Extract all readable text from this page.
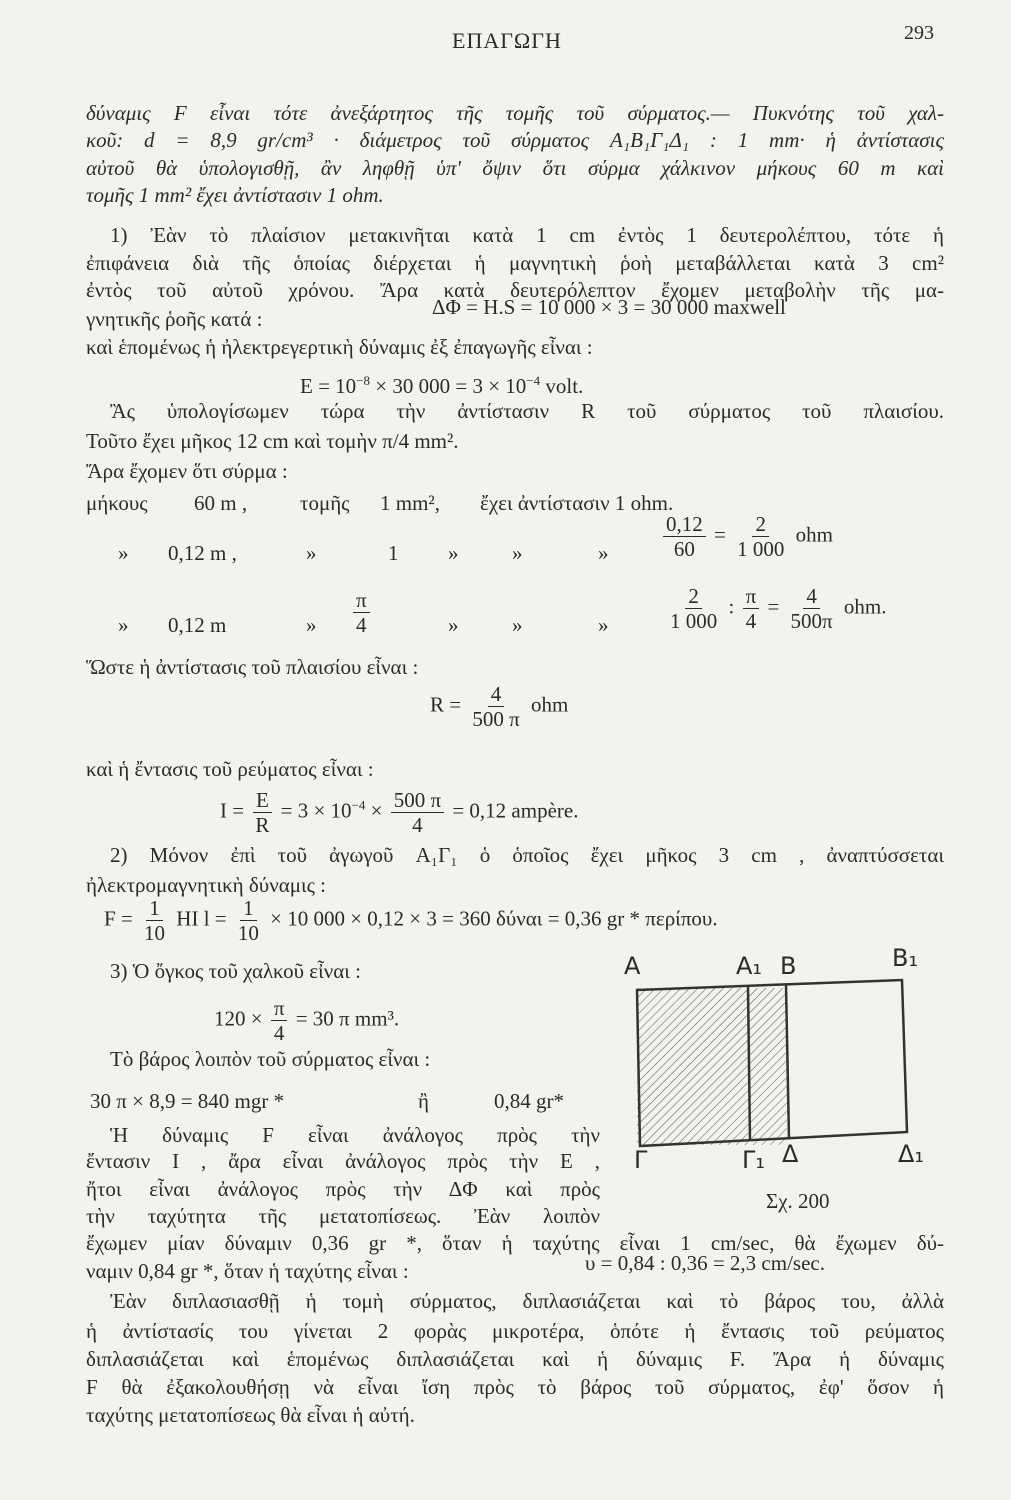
ΕΠΑΓΩΓΗ	293
δύναμις F εἶναι τότε ἀνεξάρτητος τῆς τομῆς τοῦ σύρματος.— Πυκνότης τοῦ χαλ-
κοῦ: d = 8,9 gr/cm³ · διάμετρος τοῦ σύρματος A₁B₁Γ₁Δ₁ : 1 mm· ἡ ἀντίστασις
αὐτοῦ θὰ ὑπολογισθῇ, ἂν ληφθῇ ὑπ' ὄψιν ὅτι σύρμα χάλκινον μήκους 60 m καὶ
τομῆς 1 mm² ἔχει ἀντίστασιν 1 ohm.
1) Ἐὰν τὸ πλαίσιον μετακινῆται κατὰ 1 cm ἐντὸς 1 δευτερολέπτου, τότε ἡ
ἐπιφάνεια διὰ τῆς ὁποίας διέρχεται ἡ μαγνητικὴ ῥοὴ μεταβάλλεται κατὰ 3 cm²
ἐντὸς τοῦ αὐτοῦ χρόνου. Ἄρα κατὰ δευτερόλεπτον ἔχομεν μεταβολὴν τῆς μα-
γνητικῆς ῥοῆς κατά :	ΔΦ = H.S = 10 000 × 3 = 30 000 maxwell
καὶ ἑπομένως ἡ ἠλεκτρεγερτικὴ δύναμις ἐξ ἐπαγωγῆς εἶναι :
$E = 10^{-8} \times 30$ $000 = 3 \times 10^{-4}$ volt.
Ἂς ὑπολογίσωμεν τώρα τὴν ἀντίστασιν R τοῦ σύρματος τοῦ πλαισίου.
Τοῦτο ἔχει μῆκος 12 cm καὶ τομὴν π/4 mm².
Ἄρα ἔχομεν ὅτι σύρμα :
μήκους 60 m ,	τομῆς 1 mm², ἔχει ἀντίστασιν 1 ohm.
» 0,12 m ,	»	1 »	»	»	$\frac{0,12}{60} = \frac{2}{1 000}$ ohm
» 0,12 m	» $\frac{\pi}{4}$	»	»	»	$\frac{2}{1 000}$ : $\frac{\pi}{4} = \frac{4}{500\pi}$ ohm.
Ὥστε ἡ ἀντίστασις τοῦ πλαισίου εἶναι :
$R = \frac{4}{500 \pi}$ ohm
καὶ ἡ ἔντασις τοῦ ρεύματος εἶναι :
$I = \frac{E}{R} = 3 \times 10^{-4} \times \frac{500 \pi}{4} = 0,12$ ampère.
2) Μόνον ἐπὶ τοῦ ἀγωγοῦ A₁Γ₁ ὁ ὁποῖος ἔχει μῆκος 3 cm , ἀναπτύσσεται
ἠλεκτρομαγνητικὴ δύναμις :
$F = \frac{1}{10}$ HI $l = \frac{1}{10} \times 10$ 000 × 0,12 × 3 = 360 δύναι = 0,36 gr * περίπου.
3) Ὁ ὄγκος τοῦ χαλκοῦ εἶναι :
$120 \times \frac{\pi}{4} = 30$ π mm³.
Τὸ βάρος λοιπὸν τοῦ σύρματος εἶναι :
30 π × 8,9 = 840 mgr *	ἢ	0,84 gr*
Ἡ δύναμις F εἶναι ἀνάλογος πρὸς τὴν
ἔντασιν I , ἄρα εἶναι ἀνάλογος πρὸς τὴν E ,
ἤτοι εἶναι ἀνάλογος πρὸς τὴν ΔΦ καὶ πρὸς
τὴν ταχύτητα τῆς μετατοπίσεως. Ἐὰν λοιπὸν
ἔχωμεν μίαν δύναμιν 0,36 gr *, ὅταν ἡ ταχύτης εἶναι 1 cm/sec, θὰ ἔχωμεν δύ-
ναμιν 0,84 gr *, ὅταν ἡ ταχύτης εἶναι :	υ = 0,84 : 0,36 = 2,3 cm/sec.
Ἐὰν διπλασιασθῇ ἡ τομὴ σύρματος, διπλασιάζεται καὶ τὸ βάρος του, ἀλλὰ
ἡ ἀντίστασίς του γίνεται 2 φορὰς μικροτέρα, ὁπότε ἡ ἔντασις τοῦ ρεύματος
διπλασιάζεται καὶ ἑπομένως διπλασιάζεται καὶ ἡ δύναμις F. Ἄρα ἡ δύναμις
F θὰ ἐξακολουθήσῃ νὰ εἶναι ἴση πρὸς τὸ βάρος τοῦ σύρματος, ἐφ' ὅσον ἡ
ταχύτης μετατοπίσεως θὰ εἶναι ἡ αὐτή.
A	A₁ B	B₁
Γ	Γ₁ Δ	Δ₁
Σχ. 200
